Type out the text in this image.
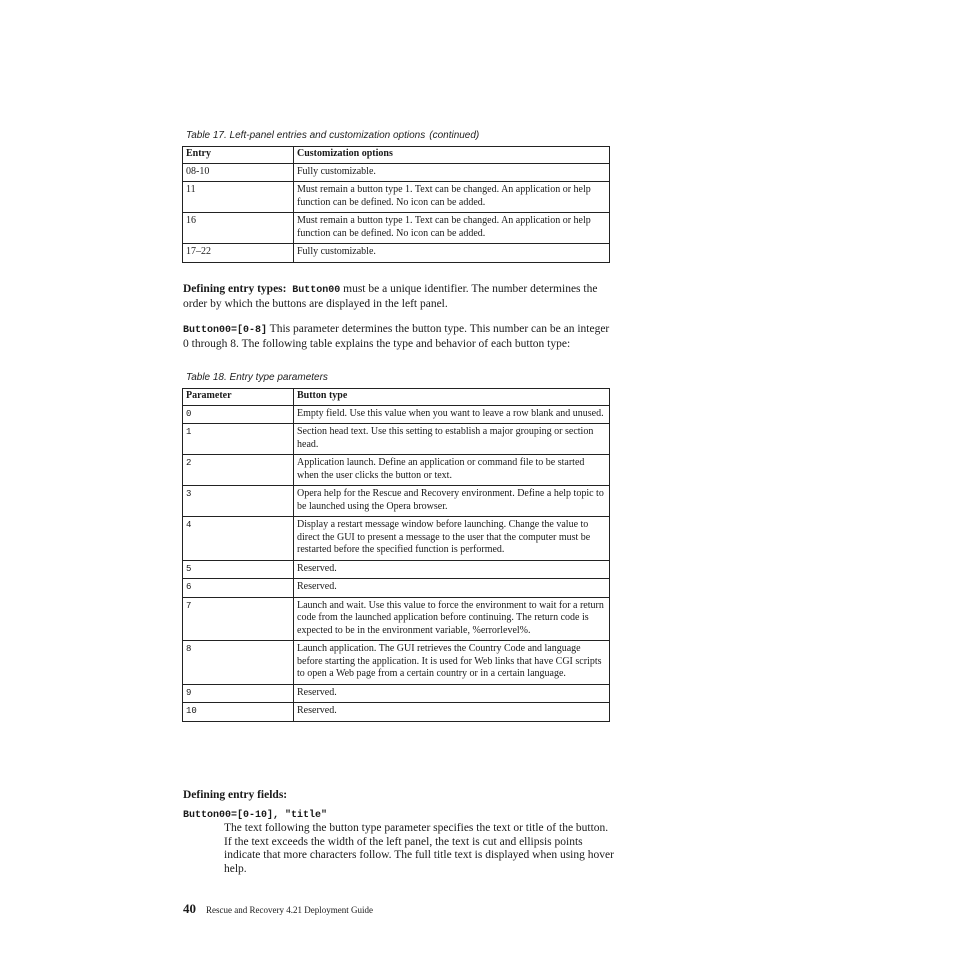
Table 17. Left-panel entries and customization options (continued)
Entry	Customization options
08-10	Fully customizable.
11	Must remain a button type 1. Text can be changed. An application or help function can be defined. No icon can be added.
16	Must remain a button type 1. Text can be changed. An application or help function can be defined. No icon can be added.
17–22	Fully customizable.
Defining entry types: Button00 must be a unique identifier. The number determines the order by which the buttons are displayed in the left panel.
Button00=[0-8] This parameter determines the button type. This number can be an integer 0 through 8. The following table explains the type and behavior of each button type:
Table 18. Entry type parameters
Parameter	Button type
0	Empty field. Use this value when you want to leave a row blank and unused.
1	Section head text. Use this setting to establish a major grouping or section head.
2	Application launch. Define an application or command file to be started when the user clicks the button or text.
3	Opera help for the Rescue and Recovery environment. Define a help topic to be launched using the Opera browser.
4	Display a restart message window before launching. Change the value to direct the GUI to present a message to the user that the computer must be restarted before the specified function is performed.
5	Reserved.
6	Reserved.
7	Launch and wait. Use this value to force the environment to wait for a return code from the launched application before continuing. The return code is expected to be in the environment variable, %errorlevel%.
8	Launch application. The GUI retrieves the Country Code and language before starting the application. It is used for Web links that have CGI scripts to open a Web page from a certain country or in a certain language.
9	Reserved.
10	Reserved.
Defining entry fields:
Button00=[0-10], "title"
The text following the button type parameter specifies the text or title of the button. If the text exceeds the width of the left panel, the text is cut and ellipsis points indicate that more characters follow. The full title text is displayed when using hover help.
40 Rescue and Recovery 4.21 Deployment Guide
